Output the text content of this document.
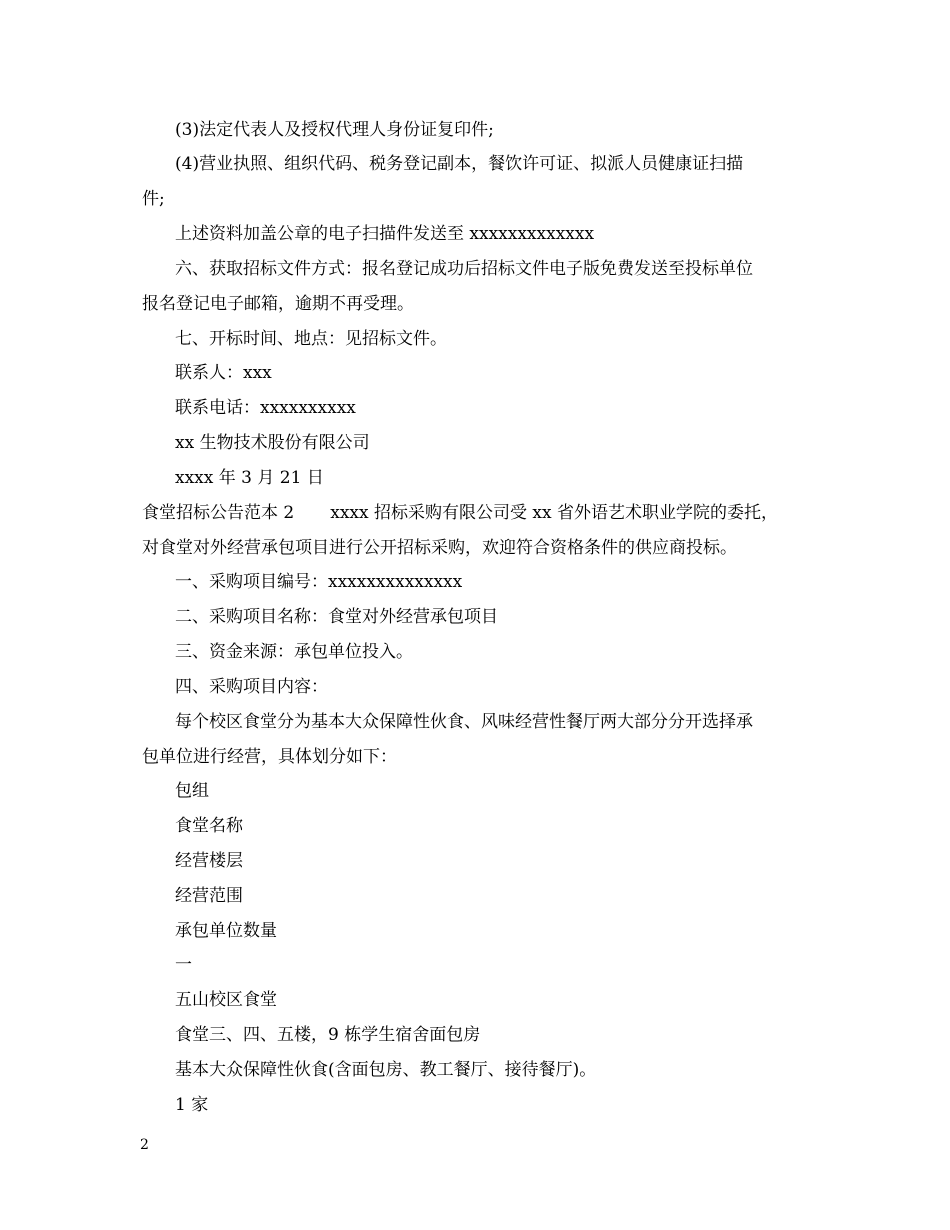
(3)法定代表人及授权代理人身份证复印件;
(4)营业执照、组织代码、税务登记副本，餐饮许可证、拟派人员健康证扫描
件;
上述资料加盖公章的电子扫描件发送至 xxxxxxxxxxxxx
六、获取招标文件方式：报名登记成功后招标文件电子版免费发送至投标单位
报名登记电子邮箱，逾期不再受理。
七、开标时间、地点：见招标文件。
联系人：xxx
联系电话：xxxxxxxxxx
xx 生物技术股份有限公司
xxxx 年 3 月 21 日
食堂招标公告范本 2 xxxx 招标采购有限公司受 xx 省外语艺术职业学院的委托，
对食堂对外经营承包项目进行公开招标采购，欢迎符合资格条件的供应商投标。
一、采购项目编号：xxxxxxxxxxxxxx
二、采购项目名称：食堂对外经营承包项目
三、资金来源：承包单位投入。
四、采购项目内容：
每个校区食堂分为基本大众保障性伙食、风味经营性餐厅两大部分分开选择承
包单位进行经营，具体划分如下：
包组
食堂名称
经营楼层
经营范围
承包单位数量
一
五山校区食堂
食堂三、四、五楼，9 栋学生宿舍面包房
基本大众保障性伙食(含面包房、教工餐厅、接待餐厅)。
1 家
2
